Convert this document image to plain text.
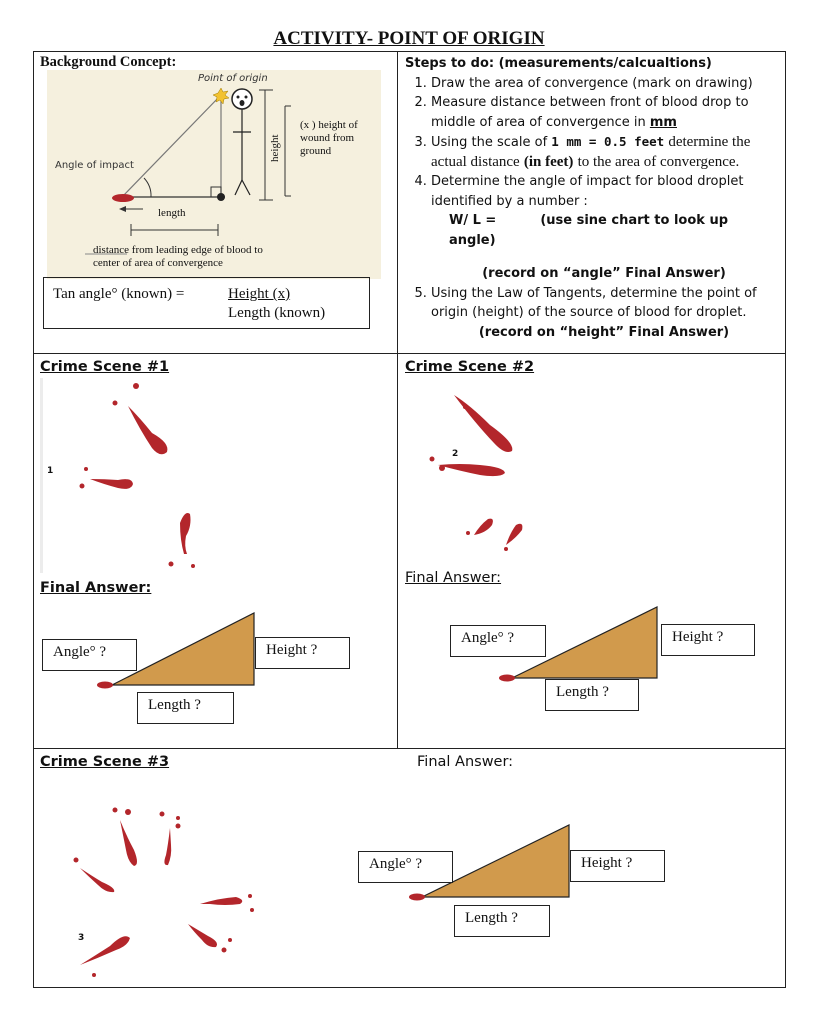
ACTIVITY- POINT OF ORIGIN
Background Concept:
Point of origin
Angle of impact
length
height
(x ) height of
wound from
ground
distance from leading edge of blood to
center of area of convergence
Tan angle° (known) =	Height (x)
Length (known)
Steps to do: (measurements/calcualtions)
1. Draw the area of convergence (mark on drawing)
2. Measure distance between front of blood drop to middle of area of convergence in mm
3. Using the scale of 1 mm = 0.5 feet determine the actual distance (in feet) to the area of convergence.
4. Determine the angle of impact for blood droplet identified by a number :
W/ L =	(use sine chart to look up angle)
(record on “angle” Final Answer)
5. Using the Law of Tangents, determine the point of origin (height) of the source of blood for droplet.
(record on “height” Final Answer)
Crime Scene #1
1
Final Answer:
Angle° ?	Height ?
Length ?
Crime Scene #2
2
Final Answer:
Angle° ?	Height ?
Length ?
Crime Scene #3	Final Answer:
3
Angle° ?	Height ?
Length ?
